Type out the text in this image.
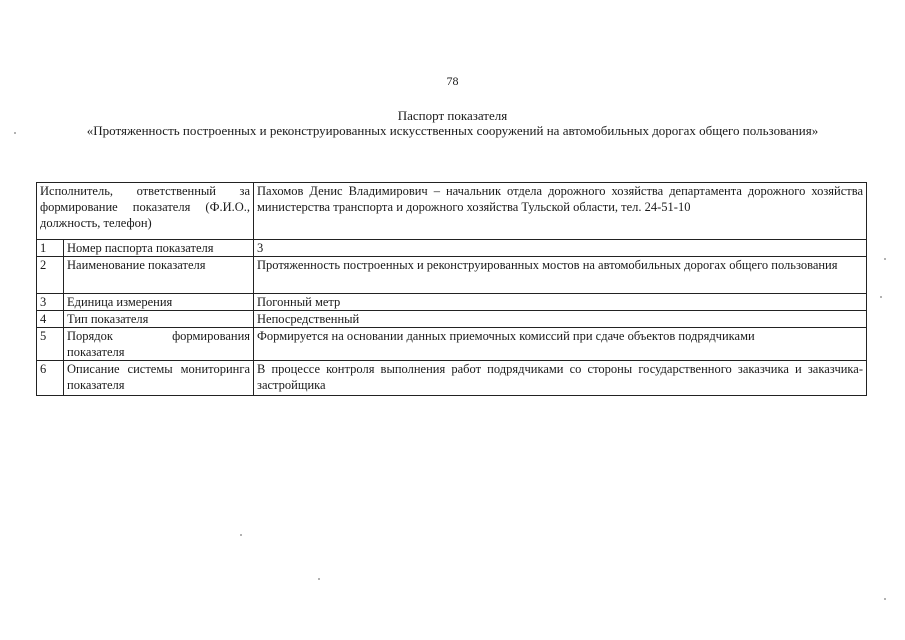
78
Паспорт показателя
«Протяженность построенных и реконструированных искусственных сооружений на автомобильных дорогах общего пользования»
Исполнитель, ответственный за формирование показателя (Ф.И.О., должность, телефон)		Пахомов Денис Владимирович – начальник отдела дорожного хозяйства департамента дорожного хозяйства министерства транспорта и дорожного хозяйства Тульской области, тел. 24-51-10
1	Номер паспорта показателя	3
2	Наименование показателя	Протяженность построенных и реконструированных мостов на автомобильных дорогах общего пользования
3	Единица измерения	Погонный метр
4	Тип показателя	Непосредственный
5	Порядок формирования показателя	Формируется на основании данных приемочных комиссий при сдаче объектов подрядчиками
6	Описание системы мониторинга показателя	В процессе контроля выполнения работ подрядчиками со стороны государственного заказчика и заказчика-застройщика
